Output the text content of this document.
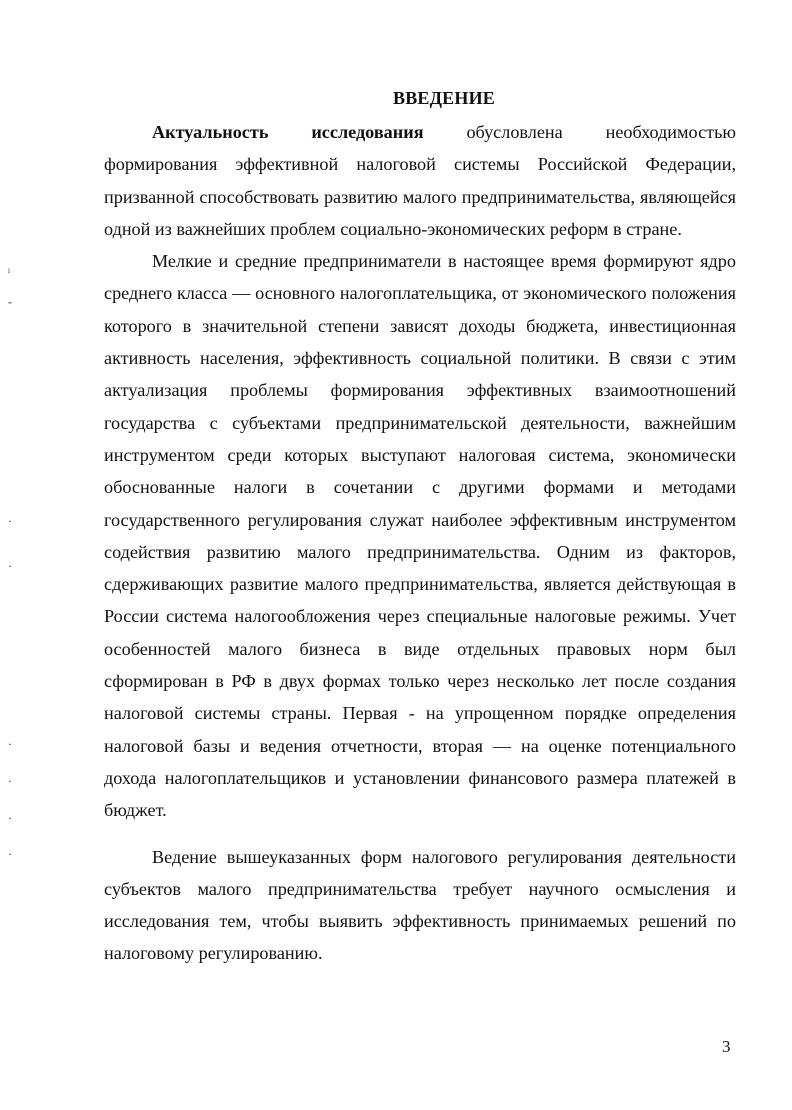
ВВЕДЕНИЕ

Актуальность исследования обусловлена необходимостью формирования эффективной налоговой системы Российской Федерации, призванной способствовать развитию малого предпринимательства, являющейся одной из важнейших проблем социально-экономических реформ в стране.

Мелкие и средние предприниматели в настоящее время формируют ядро среднего класса — основного налогоплательщика, от экономического положения которого в значительной степени зависят доходы бюджета, инвестиционная активность населения, эффективность социальной политики. В связи с этим актуализация проблемы формирования эффективных взаимоотношений государства с субъектами предпринимательской деятельности, важнейшим инструментом среди которых выступают налоговая система, экономически обоснованные налоги в сочетании с другими формами и методами государственного регулирования служат наиболее эффективным инструментом содействия развитию малого предпринимательства. Одним из факторов, сдерживающих развитие малого предпринимательства, является действующая в России система налогообложения через специальные налоговые режимы. Учет особенностей малого бизнеса в виде отдельных правовых норм был сформирован в РФ в двух формах только через несколько лет после создания налоговой системы страны. Первая - на упрощенном порядке определения налоговой базы и ведения отчетности, вторая — на оценке потенциального дохода налогоплательщиков и установлении финансового размера платежей в бюджет.

Ведение вышеуказанных форм налогового регулирования деятельности субъектов малого предпринимательства требует научного осмысления и исследования тем, чтобы выявить эффективность принимаемых решений по налоговому регулированию.

3
ᵢ
˘
·
·
·
·
·
·
